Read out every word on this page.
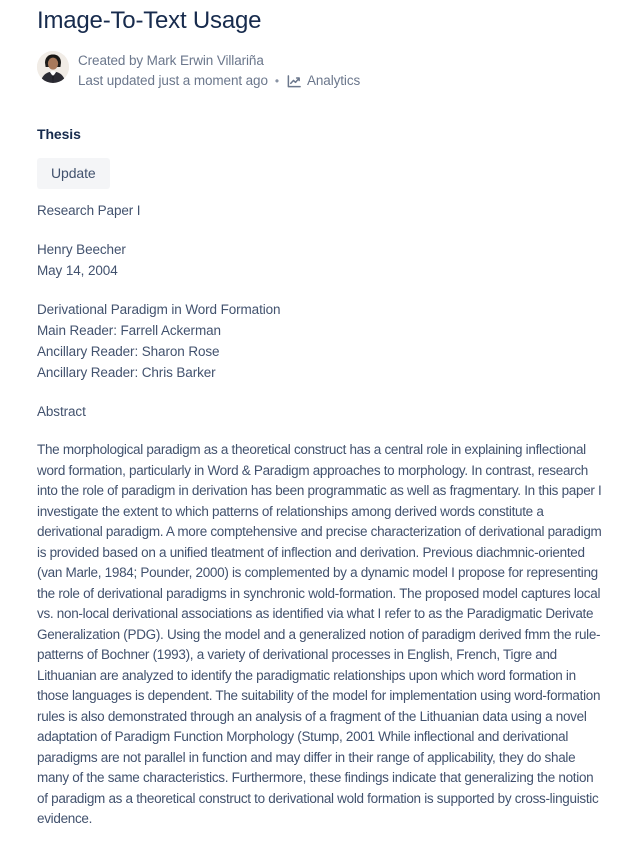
Image-To-Text Usage
Created by Mark Erwin Villariña
Last updated just a moment ago • Analytics
Thesis
Update

Research Paper I

Henry Beecher
May 14, 2004

Derivational Paradigm in Word Formation
Main Reader: Farrell Ackerman
Ancillary Reader: Sharon Rose
Ancillary Reader: Chris Barker

Abstract

The morphological paradigm as a theoretical construct has a central role in explaining inflectional word formation, particularly in Word & Paradigm approaches to morphology. In contrast, research into the role of paradigm in derivation has been programmatic as well as fragmentary. In this paper I investigate the extent to which patterns of relationships among derived words constitute a derivational paradigm. A more comptehensive and precise characterization of derivational paradigm is provided based on a unified tleatment of inflection and derivation. Previous diachmnic-oriented (van Marle, 1984; Pounder, 2000) is complemented by a dynamic model I propose for representing the role of derivational paradigms in synchronic wold-formation. The proposed model captures local vs. non-local derivational associations as identified via what I refer to as the Paradigmatic Derivate Generalization (PDG). Using the model and a generalized notion of paradigm derived fmm the rule-patterns of Bochner (1993), a variety of derivational processes in English, French, Tigre and Lithuanian are analyzed to identify the paradigmatic relationships upon which word formation in those languages is dependent. The suitability of the model for implementation using word-formation rules is also demonstrated through an analysis of a fragment of the Lithuanian data using a novel adaptation of Paradigm Function Morphology (Stump, 2001 While inflectional and derivational paradigms are not parallel in function and may differ in their range of applicability, they do shale many of the same characteristics. Furthermore, these findings indicate that generalizing the notion of paradigm as a theoretical construct to derivational wold formation is supported by cross-linguistic evidence.
